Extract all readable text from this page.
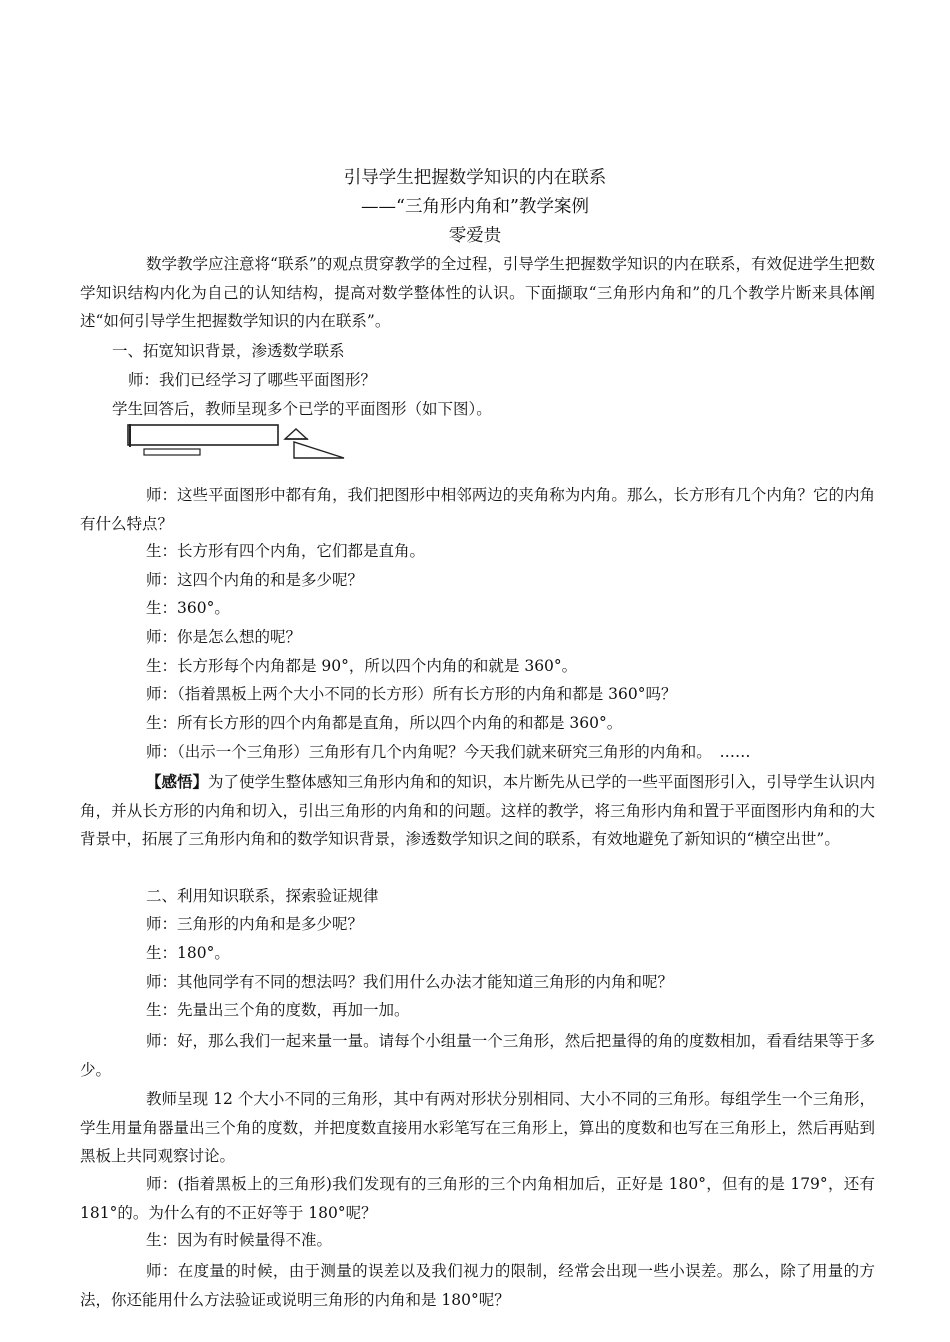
引导学生把握数学知识的内在联系
——“三角形内角和”教学案例
零爱贵
数学教学应注意将“联系”的观点贯穿教学的全过程，引导学生把握数学知识的内在联系，有效促进学生把数学知识结构内化为自己的认知结构，提高对数学整体性的认识。下面撷取“三角形内角和”的几个教学片断来具体阐述“如何引导学生把握数学知识的内在联系”。
一、拓宽知识背景，渗透数学联系
师：我们已经学习了哪些平面图形？
学生回答后，教师呈现多个已学的平面图形（如下图）。
师：这些平面图形中都有角，我们把图形中相邻两边的夹角称为内角。那么，长方形有几个内角？它的内角有什么特点？
生：长方形有四个内角，它们都是直角。
师：这四个内角的和是多少呢？
生：360°。
师：你是怎么想的呢？
生：长方形每个内角都是 90°，所以四个内角的和就是 360°。
师：（指着黑板上两个大小不同的长方形）所有长方形的内角和都是 360°吗？
生：所有长方形的四个内角都是直角，所以四个内角的和都是 360°。
师：（出示一个三角形）三角形有几个内角呢？今天我们就来研究三角形的内角和。　……
【感悟】为了使学生整体感知三角形内角和的知识，本片断先从已学的一些平面图形引入，引导学生认识内角，并从长方形的内角和切入，引出三角形的内角和的问题。这样的教学，将三角形内角和置于平面图形内角和的大背景中，拓展了三角形内角和的数学知识背景，渗透数学知识之间的联系，有效地避免了新知识的“横空出世”。
二、利用知识联系，探索验证规律
师：三角形的内角和是多少呢？
生：180°。
师：其他同学有不同的想法吗？我们用什么办法才能知道三角形的内角和呢？
生：先量出三个角的度数，再加一加。
师：好，那么我们一起来量一量。请每个小组量一个三角形，然后把量得的角的度数相加，看看结果等于多少。
教师呈现 12 个大小不同的三角形，其中有两对形状分别相同、大小不同的三角形。每组学生一个三角形，学生用量角器量出三个角的度数，并把度数直接用水彩笔写在三角形上，算出的度数和也写在三角形上，然后再贴到黑板上共同观察讨论。
师：(指着黑板上的三角形)我们发现有的三角形的三个内角相加后，正好是 180°，但有的是 179°，还有 181°的。为什么有的不正好等于 180°呢？
生：因为有时候量得不准。
师：在度量的时候，由于测量的误差以及我们视力的限制，经常会出现一些小误差。那么，除了用量的方法，你还能用什么方法验证或说明三角形的内角和是 180°呢？
